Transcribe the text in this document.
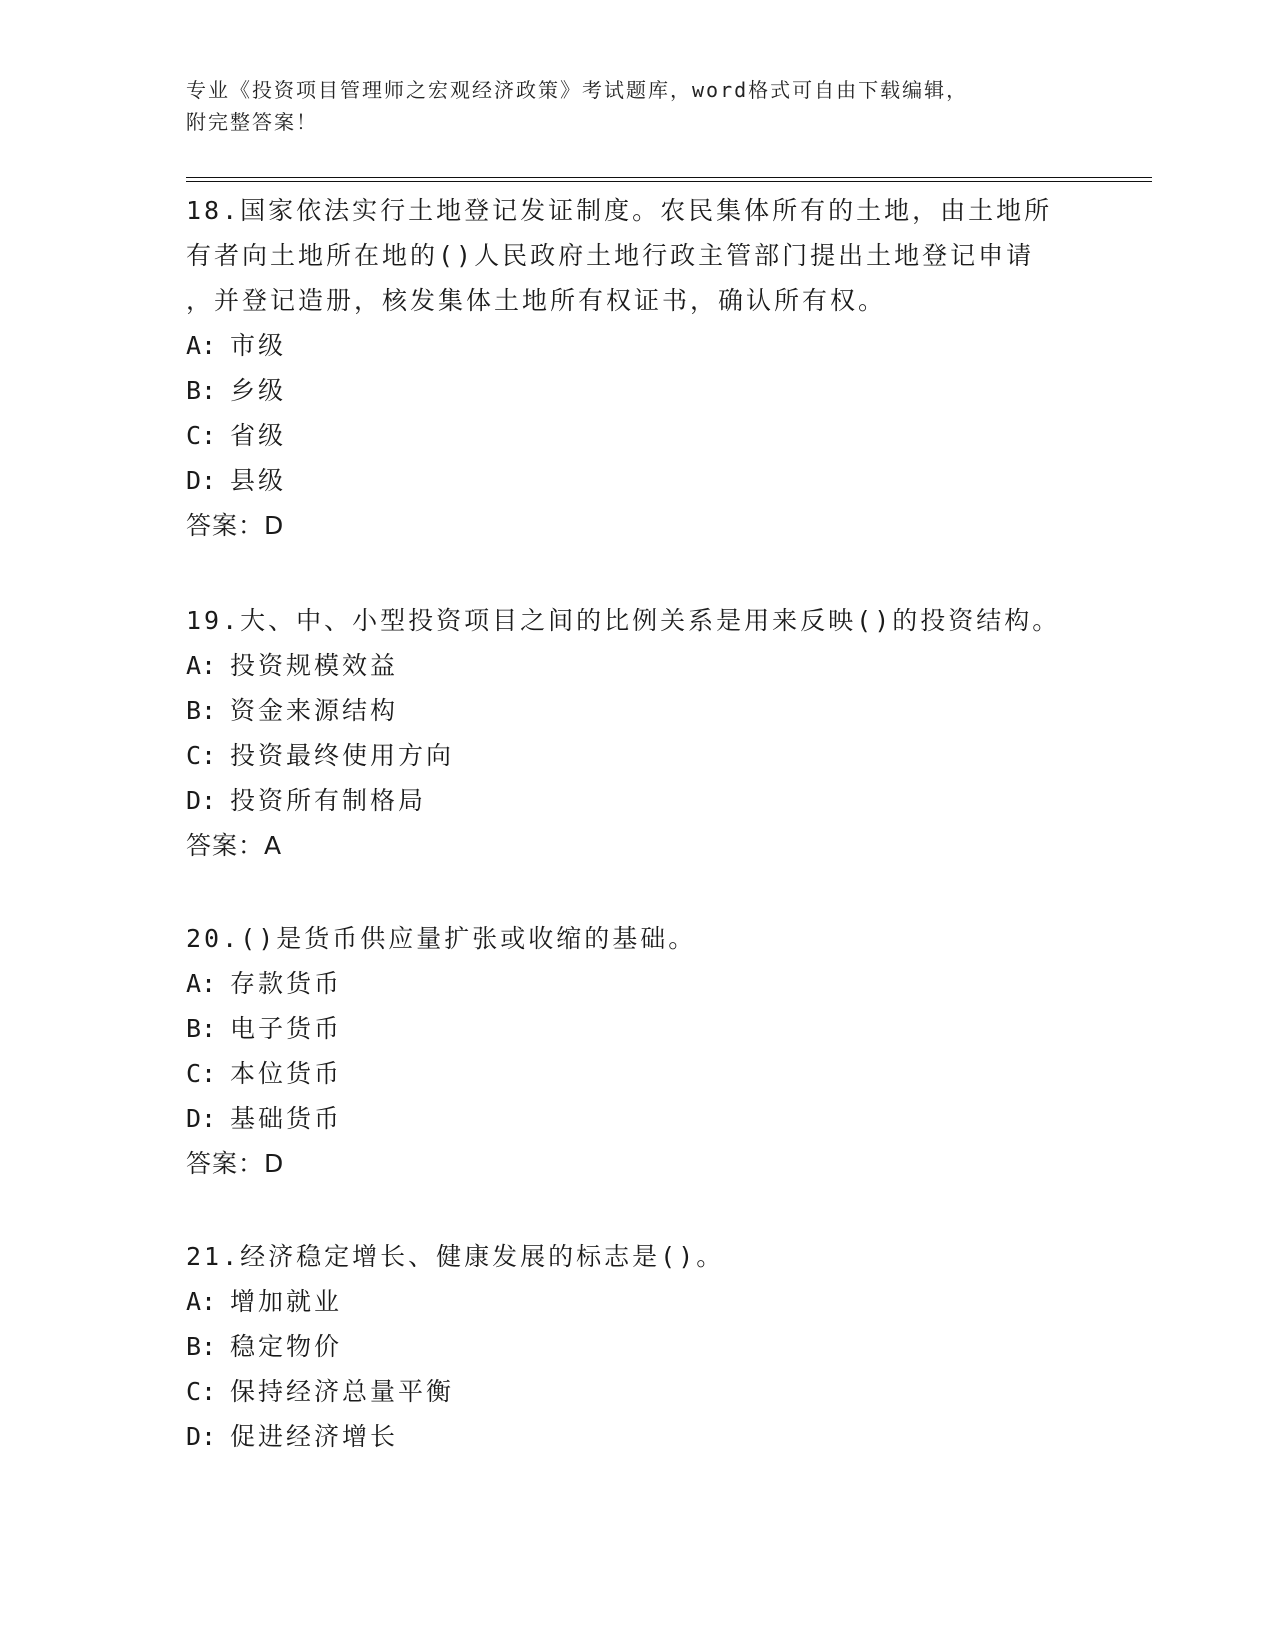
专业《投资项目管理师之宏观经济政策》考试题库，word格式可自由下载编辑，
附完整答案！

18.国家依法实行土地登记发证制度。农民集体所有的土地，由土地所

有者向土地所在地的()人民政府土地行政主管部门提出土地登记申请

，并登记造册，核发集体土地所有权证书，确认所有权。

A: 市级

B: 乡级

C: 省级

D: 县级

答案：D

19.大、中、小型投资项目之间的比例关系是用来反映()的投资结构。

A: 投资规模效益

B: 资金来源结构

C: 投资最终使用方向

D: 投资所有制格局

答案：A

20.()是货币供应量扩张或收缩的基础。

A: 存款货币

B: 电子货币

C: 本位货币

D: 基础货币

答案：D

21.经济稳定增长、健康发展的标志是()。

A: 增加就业

B: 稳定物价

C: 保持经济总量平衡

D: 促进经济增长
